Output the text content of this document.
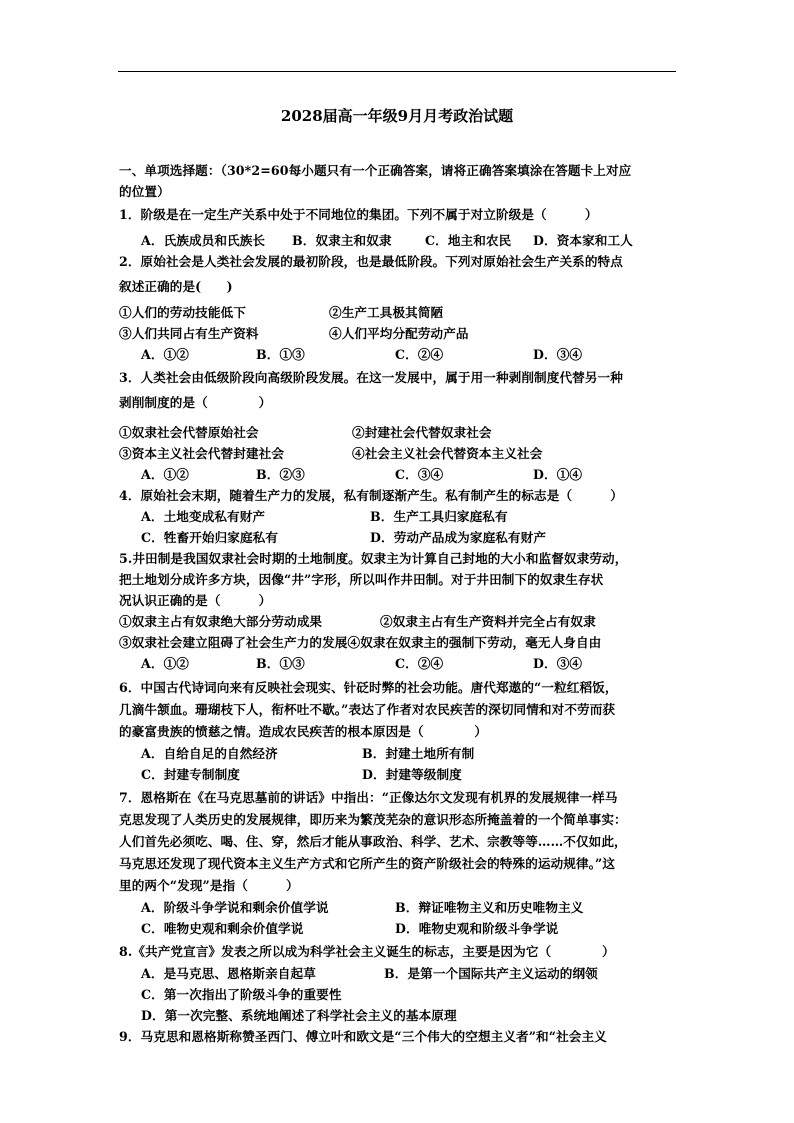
2028届高一年级9月月考政治试题

一、单项选择题：（30*2=60每小题只有一个正确答案，请将正确答案填涂在答题卡上对应

的位置）

1．阶级是在一定生产关系中处于不同地位的集团。下列不属于对立阶级是（　　　）

A．氏族成员和氏族长	B．奴隶主和奴隶	C．地主和农民	D．资本家和工人

2．原始社会是人类社会发展的最初阶段，也是最低阶段。下列对原始社会生产关系的特点

叙述正确的是(　　)

①人们的劳动技能低下	②生产工具极其简陋
③人们共同占有生产资料	④人们平均分配劳动产品
A．①②	B．①③	C．②④	D．③④

3．人类社会由低级阶段向高级阶段发展。在这一发展中，属于用一种剥削制度代替另一种

剥削制度的是（　　　　）

①奴隶社会代替原始社会	②封建社会代替奴隶社会
③资本主义社会代替封建社会	④社会主义社会代替资本主义社会
A．①②	B．②③	C．③④	D．①④

4．原始社会末期，随着生产力的发展，私有制逐渐产生。私有制产生的标志是（　　　）

A．土地变成私有财产	B．生产工具归家庭私有
C．牲畜开始归家庭私有	D．劳动产品成为家庭私有财产

5.井田制是我国奴隶社会时期的土地制度。奴隶主为计算自己封地的大小和监督奴隶劳动，

把土地划分成许多方块，因像“井”字形，所以叫作井田制。对于井田制下的奴隶生存状

况认识正确的是（　　　）

①奴隶主占有奴隶绝大部分劳动成果	②奴隶主占有生产资料并完全占有奴隶
③奴隶社会建立阻碍了社会生产力的发展 ④奴隶在奴隶主的强制下劳动，毫无人身自由
A．①②	B．①③	C．②④	D．③④

6．中国古代诗词向来有反映社会现实、针砭时弊的社会功能。唐代郑遨的“一粒红稻饭，

几滴牛颔血。珊瑚枝下人，衔杯吐不歇。”表达了作者对农民疾苦的深切同情和对不劳而获

的豪富贵族的愤慈之情。造成农民疾苦的根本原因是（　　　　）

A．自给自足的自然经济	B．封建土地所有制
C．封建专制制度	D．封建等级制度

7．恩格斯在《在马克思墓前的讲话》中指出：“正像达尔文发现有机界的发展规律一样马

克思发现了人类历史的发展规律，即历来为繁茂芜杂的意识形态所掩盖着的一个简单事实：

人们首先必须吃、喝、住、穿，然后才能从事政治、科学、艺术、宗教等等……不仅如此，

马克思还发现了现代资本主义生产方式和它所产生的资产阶级社会的特殊的运动规律。”这

里的两个“发现”是指（　　　）

A．阶级斗争学说和剩余价值学说	B．辩证唯物主义和历史唯物主义
C．唯物史观和剩余价值学说	D．唯物史观和阶级斗争学说

8.《共产党宣言》发表之所以成为科学社会主义诞生的标志，主要是因为它（　　　　）

A．是马克思、恩格斯亲自起草	B．是第一个国际共产主义运动的纲领

C．第一次指出了阶级斗争的重要性

D．第一次完整、系统地阐述了科学社会主义的基本原理

9．马克思和恩格斯称赞圣西门、傅立叶和欧文是“三个伟大的空想主义者”和“社会主义
